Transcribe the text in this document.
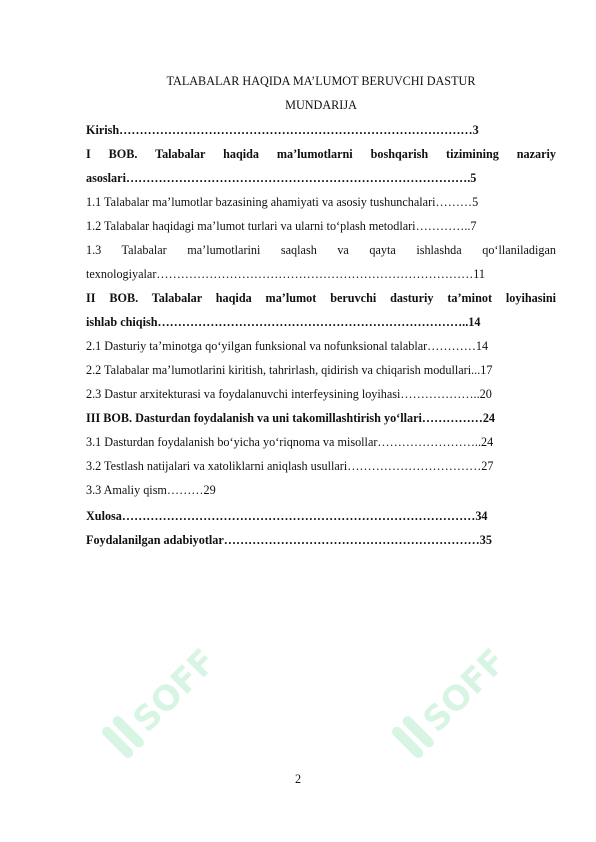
TALABALAR HAQIDA MA’LUMOT BERUVCHI DASTUR
MUNDARIJA
Kirish……………………………………………………………………………3
I BOB. Talabalar haqida ma’lumotlarni boshqarish tizimining nazariy
asoslari………………………………………………………………………….5
1.1 Talabalar ma’lumotlar bazasining ahamiyati va asosiy tushunchalari………5
1.2 Talabalar haqidagi ma’lumot turlari va ularni to‘plash metodlari…………..7
1.3 Talabalar ma’lumotlarini saqlash va qayta ishlashda qo‘llaniladigan
texnologiyalar……………………………………………………………………11
II BOB. Talabalar haqida ma’lumot beruvchi dasturiy ta’minot loyihasini
ishlab chiqish…………………………………………………………………..14
2.1 Dasturiy ta’minotga qo‘yilgan funksional va nofunksional talablar…………14
2.2 Talabalar ma’lumotlarini kiritish, tahrirlash, qidirish va chiqarish modullari...17
2.3 Dastur arxitekturasi va foydalanuvchi interfeysining loyihasi………………..20
III BOB. Dasturdan foydalanish va uni takomillashtirish yo‘llari……………24
3.1 Dasturdan foydalanish bo‘yicha yo‘riqnoma va misollar……………………..24
3.2 Testlash natijalari va xatoliklarni aniqlash usullari……………………………27
3.3 Amaliy qism………29
Xulosa……………………………………………………………………………34
Foydalanilgan adabiyotlar………………………………………………………35
SOFF	SOFF
2
